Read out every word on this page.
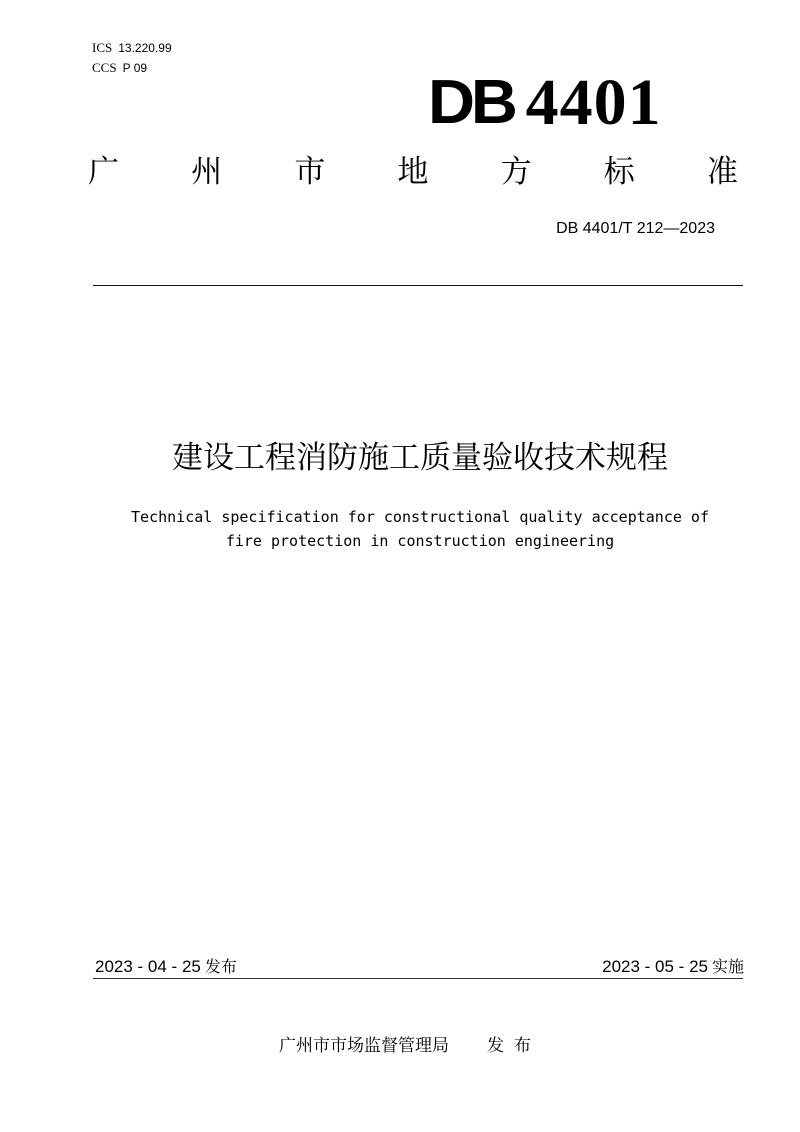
ICS 13.220.99
CCS P 09	DB 4401
广 州 市 地 方 标 准
DB 4401/T 212—2023
建设工程消防施工质量验收技术规程
Technical specification for constructional quality acceptance of
fire protection in construction engineering
2023 - 04 - 25 发布	2023 - 05 - 25 实施
广州市市场监督管理局 发布
